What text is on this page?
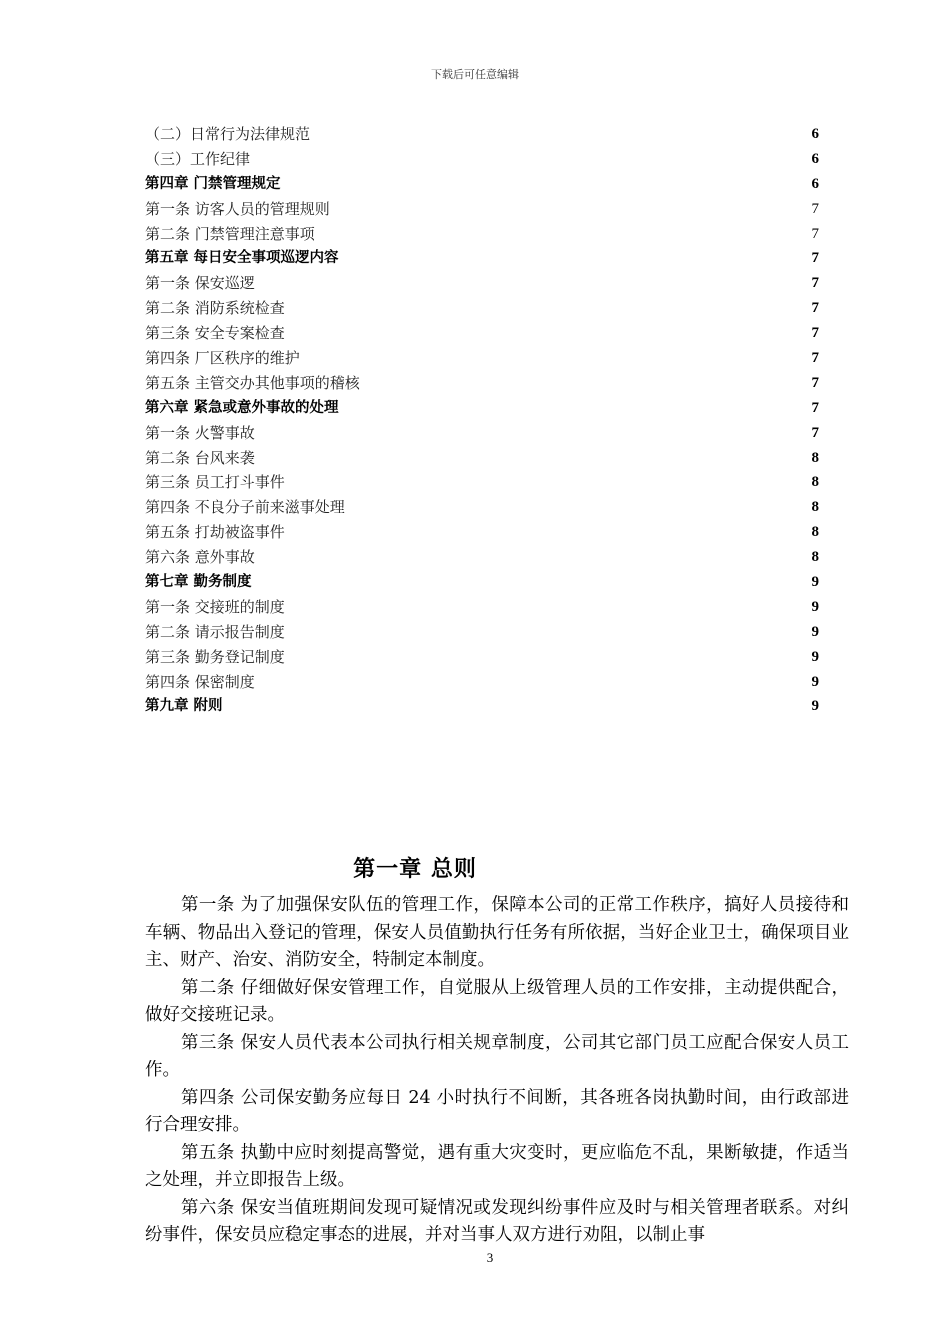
下载后可任意编辑
（二）日常行为法律规范	6
（三）工作纪律	6
第四章 门禁管理规定	6
第一条 访客人员的管理规则	7
第二条 门禁管理注意事项	7
第五章 每日安全事项巡逻内容	7
第一条 保安巡逻	7
第二条 消防系统检查	7
第三条 安全专案检查	7
第四条 厂区秩序的维护	7
第五条 主管交办其他事项的稽核	7
第六章 紧急或意外事故的处理	7
第一条 火警事故	7
第二条 台风来袭	8
第三条 员工打斗事件	8
第四条 不良分子前来滋事处理	8
第五条 打劫被盗事件	8
第六条 意外事故	8
第七章 勤务制度	9
第一条 交接班的制度	9
第二条 请示报告制度	9
第三条 勤务登记制度	9
第四条 保密制度	9
第九章 附则	9
第一章 总则

第一条 为了加强保安队伍的管理工作，保障本公司的正常工作秩序，搞好人员接待和车辆、物品出入登记的管理，保安人员值勤执行任务有所依据，当好企业卫士，确保项目业主、财产、治安、消防安全，特制定本制度。

第二条 仔细做好保安管理工作，自觉服从上级管理人员的工作安排，主动提供配合，做好交接班记录。

第三条 保安人员代表本公司执行相关规章制度，公司其它部门员工应配合保安人员工作。

第四条 公司保安勤务应每日 24 小时执行不间断，其各班各岗执勤时间，由行政部进行合理安排。

第五条 执勤中应时刻提高警觉，遇有重大灾变时，更应临危不乱，果断敏捷，作适当之处理，并立即报告上级。

第六条 保安当值班期间发现可疑情况或发现纠纷事件应及时与相关管理者联系。对纠纷事件，保安员应稳定事态的进展，并对当事人双方进行劝阻，以制止事

3
